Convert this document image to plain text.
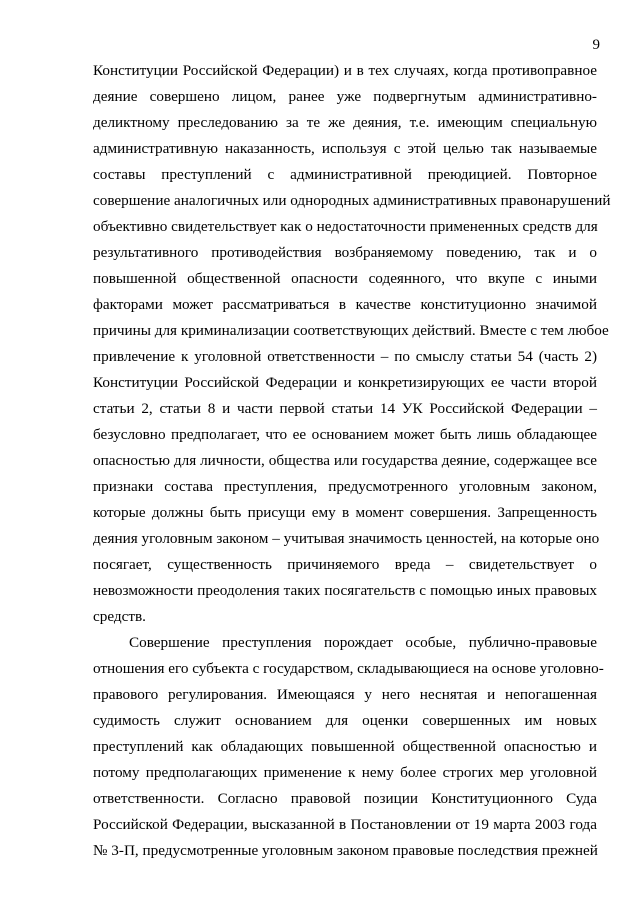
9
Конституции Российской Федерации) и в тех случаях, когда противоправное
деяние совершено лицом, ранее уже подвергнутым административно-
деликтному преследованию за те же деяния, т.е. имеющим специальную
административную наказанность, используя с этой целью так называемые
составы преступлений с административной преюдицией. Повторное
совершение аналогичных или однородных административных правонарушений
объективно свидетельствует как о недостаточности примененных средств для
результативного противодействия возбраняемому поведению, так и о
повышенной общественной опасности содеянного, что вкупе с иными
факторами может рассматриваться в качестве конституционно значимой
причины для криминализации соответствующих действий. Вместе с тем любое
привлечение к уголовной ответственности – по смыслу статьи 54 (часть 2)
Конституции Российской Федерации и конкретизирующих ее части второй
статьи 2, статьи 8 и части первой статьи 14 УК Российской Федерации –
безусловно предполагает, что ее основанием может быть лишь обладающее
опасностью для личности, общества или государства деяние, содержащее все
признаки состава преступления, предусмотренного уголовным законом,
которые должны быть присущи ему в момент совершения. Запрещенность
деяния уголовным законом – учитывая значимость ценностей, на которые оно
посягает, существенность причиняемого вреда – свидетельствует о
невозможности преодоления таких посягательств с помощью иных правовых
средств.
Совершение преступления порождает особые, публично-правовые
отношения его субъекта с государством, складывающиеся на основе уголовно-
правового регулирования. Имеющаяся у него неснятая и непогашенная
судимость служит основанием для оценки совершенных им новых
преступлений как обладающих повышенной общественной опасностью и
потому предполагающих применение к нему более строгих мер уголовной
ответственности. Согласно правовой позиции Конституционного Суда
Российской Федерации, высказанной в Постановлении от 19 марта 2003 года
№ 3-П, предусмотренные уголовным законом правовые последствия прежней
